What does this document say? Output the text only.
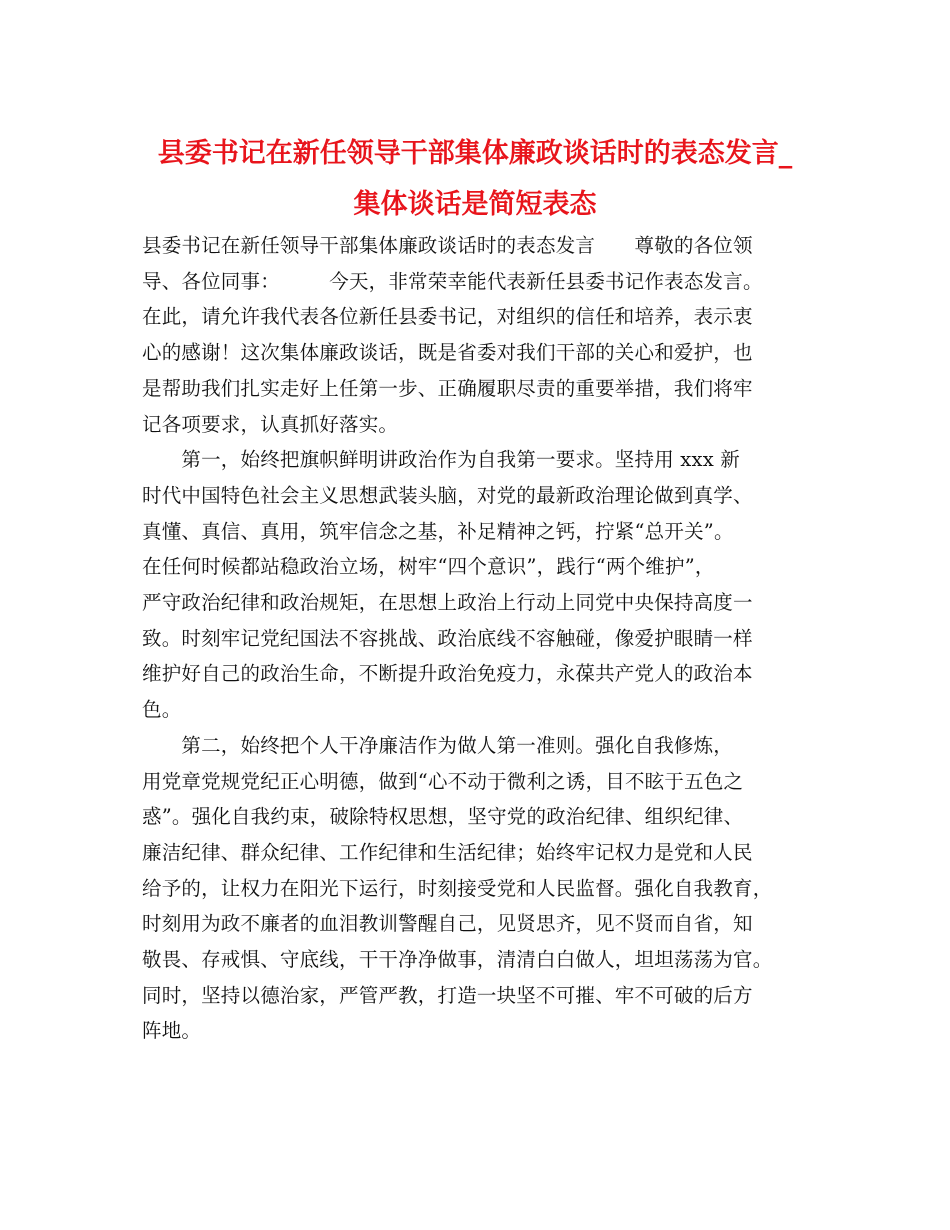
县委书记在新任领导干部集体廉政谈话时的表态发言_
集体谈话是简短表态
县委书记在新任领导干部集体廉政谈话时的表态发言　　尊敬的各位领
导、各位同事：　　　今天，非常荣幸能代表新任县委书记作表态发言。
在此，请允许我代表各位新任县委书记，对组织的信任和培养，表示衷
心的感谢！这次集体廉政谈话，既是省委对我们干部的关心和爱护，也
是帮助我们扎实走好上任第一步、正确履职尽责的重要举措，我们将牢
记各项要求，认真抓好落实。
　　第一，始终把旗帜鲜明讲政治作为自我第一要求。坚持用 xxx 新
时代中国特色社会主义思想武装头脑，对党的最新政治理论做到真学、
真懂、真信、真用，筑牢信念之基，补足精神之钙，拧紧“总开关”。
在任何时候都站稳政治立场，树牢“四个意识”，践行“两个维护”，
严守政治纪律和政治规矩，在思想上政治上行动上同党中央保持高度一
致。时刻牢记党纪国法不容挑战、政治底线不容触碰，像爱护眼睛一样
维护好自己的政治生命，不断提升政治免疫力，永葆共产党人的政治本
色。
　　第二，始终把个人干净廉洁作为做人第一准则。强化自我修炼，
用党章党规党纪正心明德，做到“心不动于微利之诱，目不眩于五色之
惑”。强化自我约束，破除特权思想，坚守党的政治纪律、组织纪律、
廉洁纪律、群众纪律、工作纪律和生活纪律；始终牢记权力是党和人民
给予的，让权力在阳光下运行，时刻接受党和人民监督。强化自我教育，
时刻用为政不廉者的血泪教训警醒自己，见贤思齐，见不贤而自省，知
敬畏、存戒惧、守底线，干干净净做事，清清白白做人，坦坦荡荡为官。
同时，坚持以德治家，严管严教，打造一块坚不可摧、牢不可破的后方
阵地。
